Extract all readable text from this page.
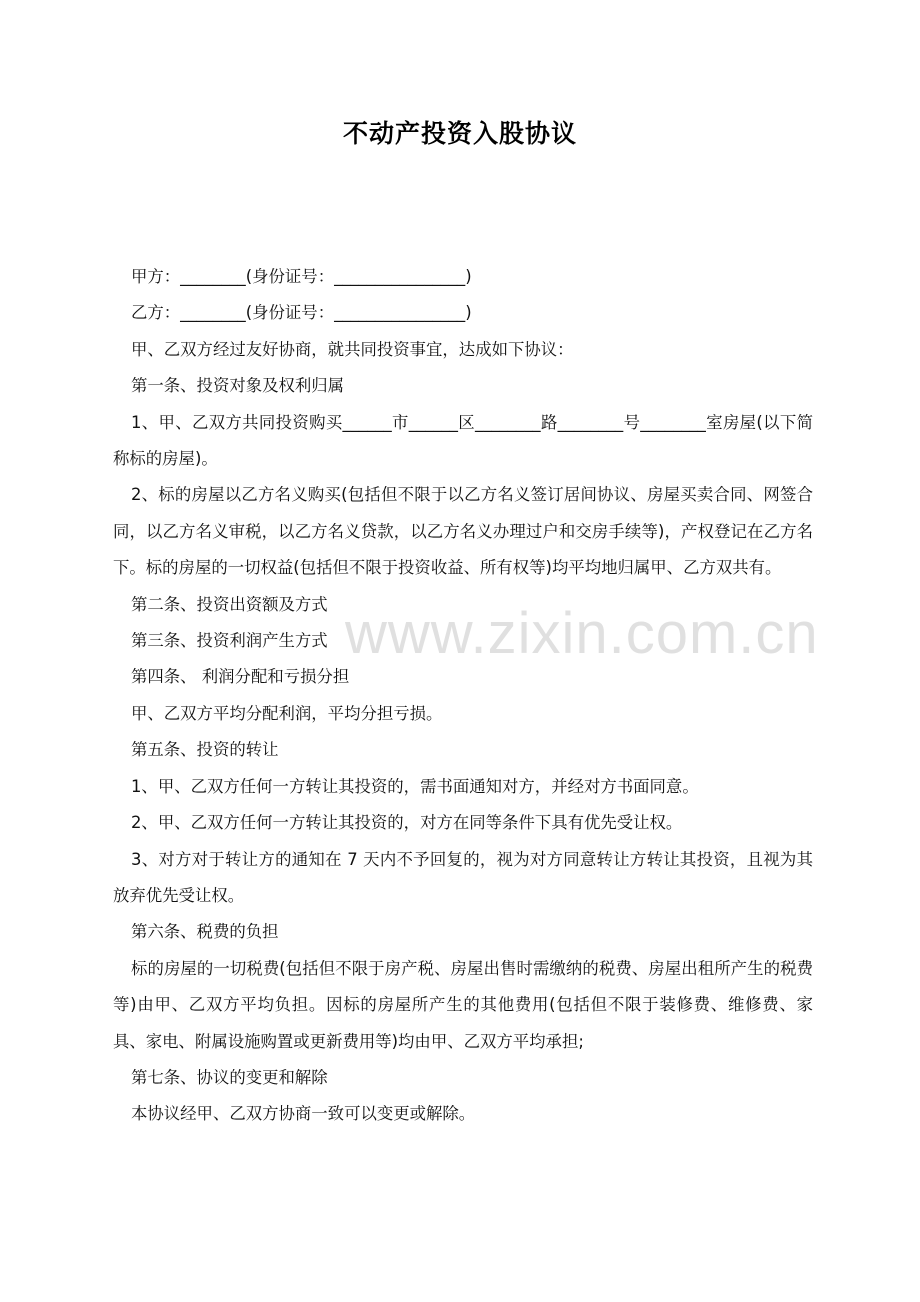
不动产投资入股协议

甲方：________(身份证号：________________)

乙方：________(身份证号：________________)

甲、乙双方经过友好协商，就共同投资事宜，达成如下协议：

第一条、投资对象及权利归属

1、甲、乙双方共同投资购买______市______区________路________号________室房屋(以下简称标的房屋)。

2、标的房屋以乙方名义购买(包括但不限于以乙方名义签订居间协议、房屋买卖合同、网签合同，以乙方名义审税，以乙方名义贷款，以乙方名义办理过户和交房手续等)，产权登记在乙方名下。标的房屋的一切权益(包括但不限于投资收益、所有权等)均平均地归属甲、乙方双共有。

第二条、投资出资额及方式

第三条、投资利润产生方式

第四条、 利润分配和亏损分担

甲、乙双方平均分配利润，平均分担亏损。

第五条、投资的转让

1、甲、乙双方任何一方转让其投资的，需书面通知对方，并经对方书面同意。

2、甲、乙双方任何一方转让其投资的，对方在同等条件下具有优先受让权。

3、对方对于转让方的通知在 7 天内不予回复的，视为对方同意转让方转让其投资，且视为其放弃优先受让权。

第六条、税费的负担

标的房屋的一切税费(包括但不限于房产税、房屋出售时需缴纳的税费、房屋出租所产生的税费等)由甲、乙双方平均负担。因标的房屋所产生的其他费用(包括但不限于装修费、维修费、家具、家电、附属设施购置或更新费用等)均由甲、乙双方平均承担;

第七条、协议的变更和解除

本协议经甲、乙双方协商一致可以变更或解除。

www.zixin.com.cn
